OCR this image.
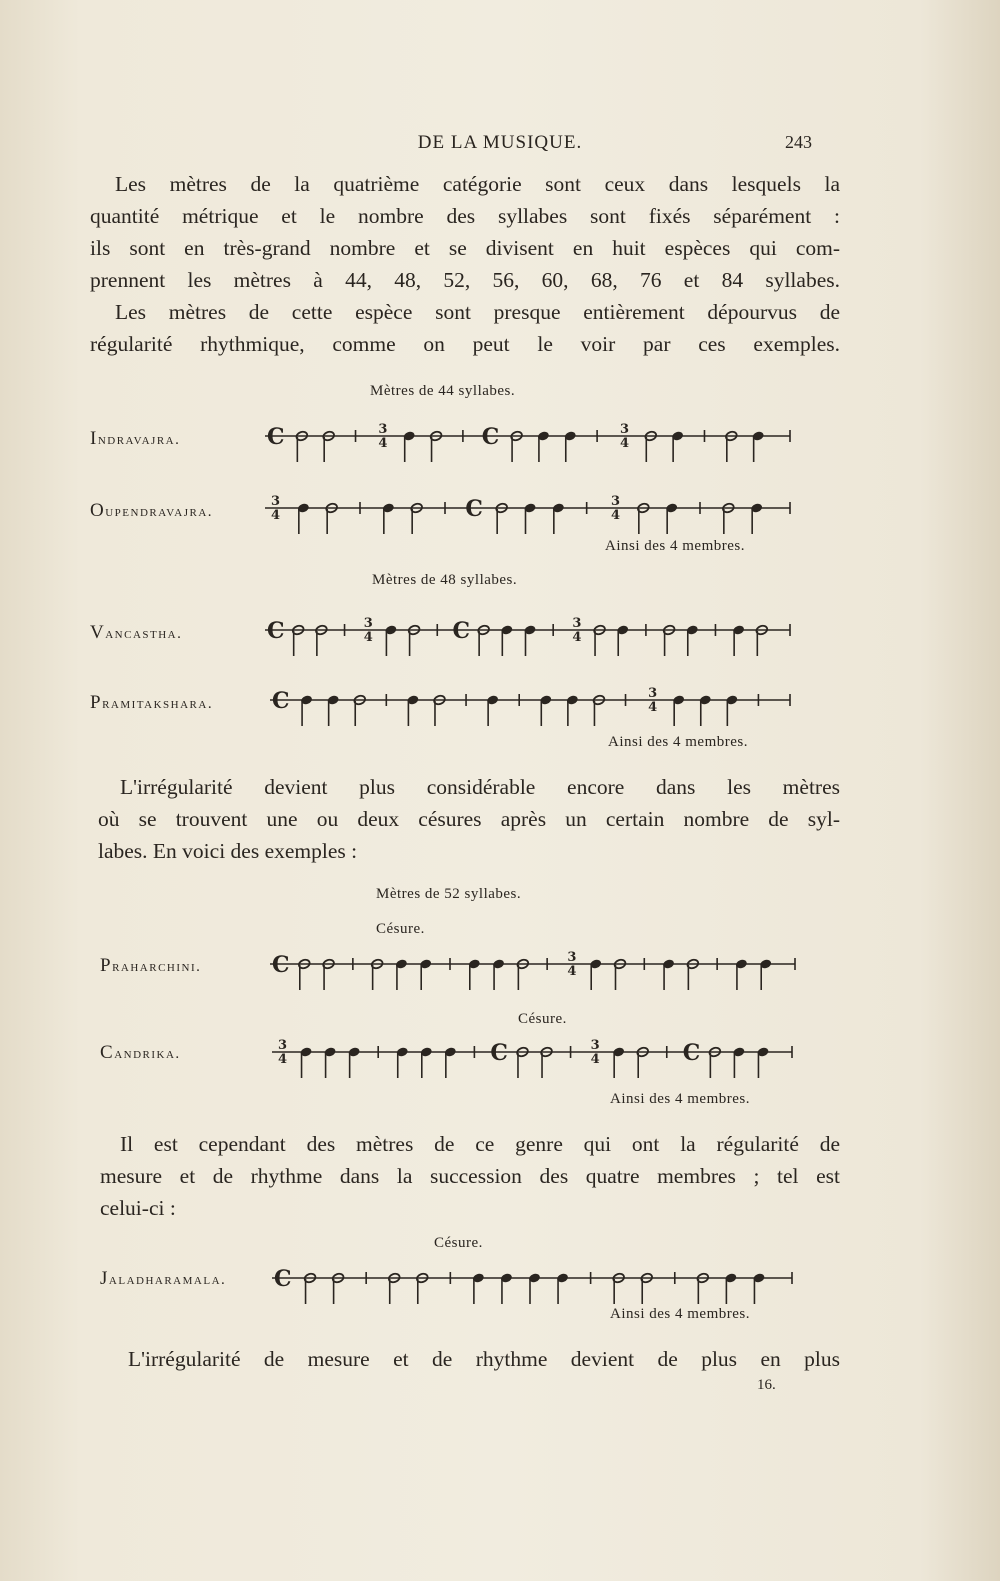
DE LA MUSIQUE.	243
Les mètres de la quatrième catégorie sont ceux dans lesquels la
quantité métrique et le nombre des syllabes sont fixés séparément :
ils sont en très-grand nombre et se divisent en huit espèces qui com-
prennent les mètres à 44, 48, 52, 56, 60, 68, 76 et 84 syllabes.
Les mètres de cette espèce sont presque entièrement dépourvus de
régularité rhythmique, comme on peut le voir par ces exemples.
Mètres de 44 syllabes.
Indravajra.	C	3
4	C	3
4
Oupendravajra.
3
4	C	3
4
Ainsi des 4 membres.
Mètres de 48 syllabes.
Vancastha.	C	3
4	C	3
4
Pramitakshara.	C	3
4
Ainsi des 4 membres.
L'irrégularité devient plus considérable encore dans les mètres
où se trouvent une ou deux césures après un certain nombre de syl-
labes. En voici des exemples :
Mètres de 52 syllabes.
Césure.
Praharchini.	C	3
4
Césure.
Candrika.
3
4	C	3
4	C
Ainsi des 4 membres.
Il est cependant des mètres de ce genre qui ont la régularité de
mesure et de rhythme dans la succession des quatre membres ; tel est
celui-ci :
Césure.
Jaladharamala. C
Ainsi des 4 membres.
L'irrégularité de mesure et de rhythme devient de plus en plus
16.
